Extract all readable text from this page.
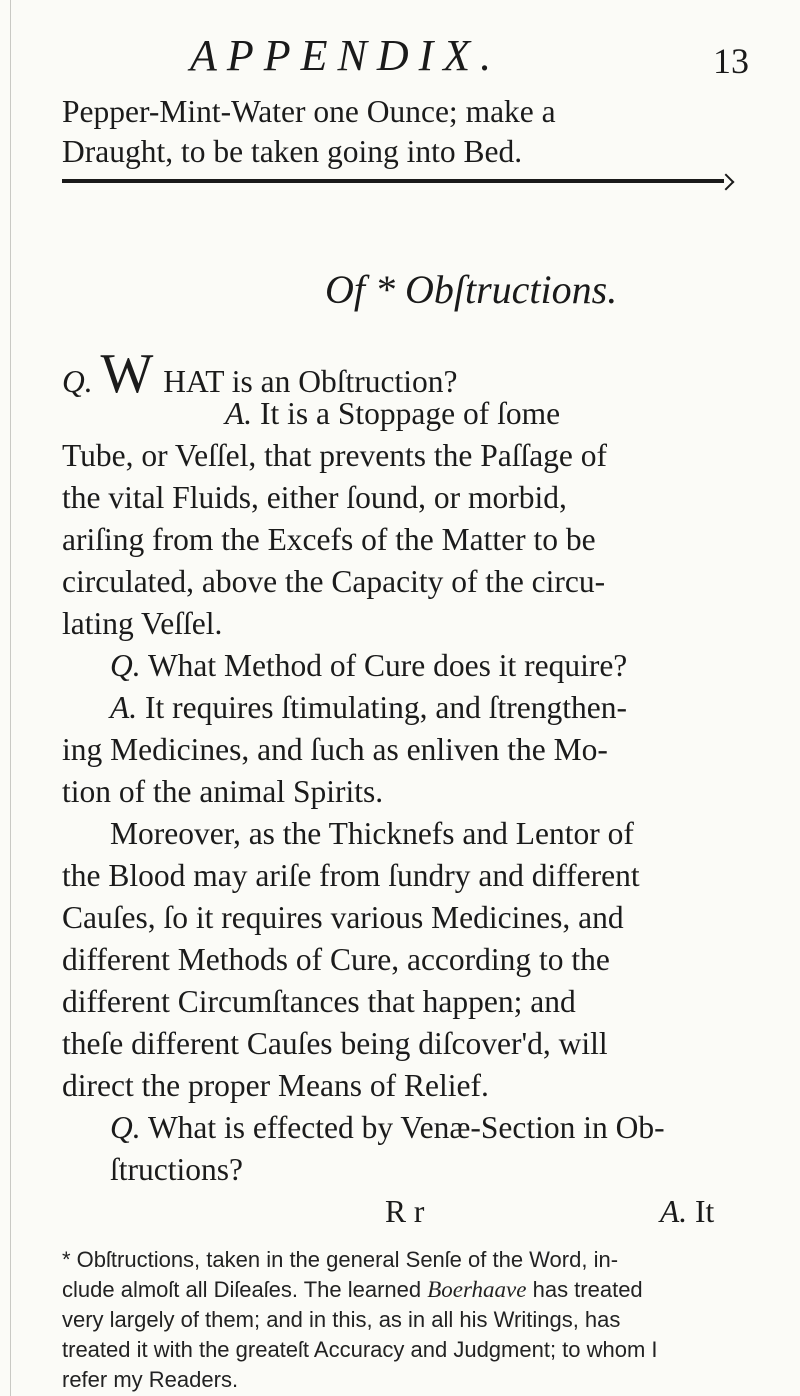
APPENDIX.	13
Pepper-Mint-Water one Ounce; make a
Draught, to be taken going into Bed.
Of * Obſtructions.
Q. W HAT is an Obſtruction?
A. It is a Stoppage of ſome
Tube, or Veſſel, that prevents the Paſſage of
the vital Fluids, either ſound, or morbid,
ariſing from the Excefs of the Matter to be
circulated, above the Capacity of the circu-
lating Veſſel.
Q. What Method of Cure does it require?
A. It requires ſtimulating, and ſtrengthen-
ing Medicines, and ſuch as enliven the Mo-
tion of the animal Spirits.
Moreover, as the Thicknefs and Lentor of
the Blood may ariſe from ſundry and different
Cauſes, ſo it requires various Medicines, and
different Methods of Cure, according to the
different Circumſtances that happen; and
theſe different Cauſes being diſcover'd, will
direct the proper Means of Relief.
Q. What is effected by Venæ-Section in Ob-
ſtructions?
R r	A. It
* Obſtructions, taken in the general Senſe of the Word, in-
clude almoſt all Diſeaſes. The learned Boerhaave has treated
very largely of them; and in this, as in all his Writings, has
treated it with the greateſt Accuracy and Judgment; to whom I
refer my Readers.
